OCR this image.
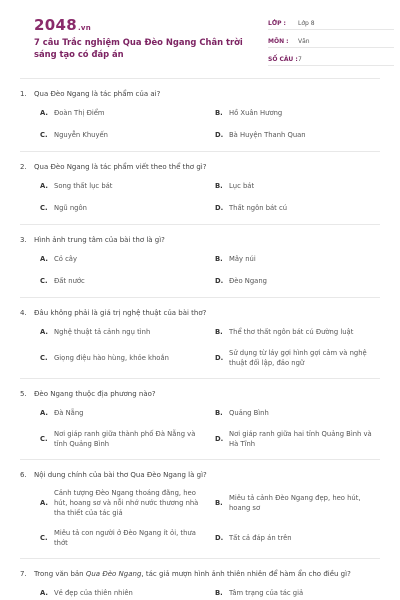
2048.vn
7 câu Trắc nghiệm Qua Đèo Ngang Chân trời sáng tạo có đáp án
LỚP :	Lớp 8
MÔN :	Văn
SỐ CÂU : 7
1.	Qua Đèo Ngang là tác phẩm của ai?
A. Đoàn Thị Điểm	B. Hồ Xuân Hương
C. Nguyễn Khuyến	D. Bà Huyện Thanh Quan
2.	Qua Đèo Ngang là tác phẩm viết theo thể thơ gì?
A. Song thất lục bát	B. Lục bát
C. Ngũ ngôn	D. Thất ngôn bát cú
3.	Hình ảnh trung tâm của bài thơ là gì?
A. Cỏ cây	B. Mây núi
C. Đất nước	D. Đèo Ngang
4.	Đâu không phải là giá trị nghệ thuật của bài thơ?
A. Nghệ thuật tả cảnh ngụ tình	B. Thể thơ thất ngôn bát cú Đường luật
C. Giọng điệu hào hùng, khỏe khoắn	D.
Sử dụng từ láy gợi hình gợi cảm và nghệ thuật đối lập, đảo ngữ
5.	Đèo Ngang thuộc địa phương nào?
A. Đà Nẵng	B. Quảng Bình
C.
Nơi giáp ranh giữa thành phố Đà Nẵng và tỉnh Quảng Bình
D.
Nơi giáp ranh giữa hai tỉnh Quảng Bình và Hà Tĩnh
6.	Nội dung chính của bài thơ Qua Đèo Ngang là gì?
A.
Cảnh tượng Đèo Ngang thoáng đãng, heo hút, hoang sơ và nỗi nhớ nước thương nhà tha thiết của tác giả
B.
Miêu tả cảnh Đèo Ngang đẹp, heo hút, hoang sơ
C.
Miêu tả con người ở Đèo Ngang ít ỏi, thưa thớt
D. Tất cả đáp án trên
7.	Trong văn bản Qua Đèo Ngang, tác giả mượn hình ảnh thiên nhiên để hàm ẩn cho điều gì?
A. Vẻ đẹp của thiên nhiên	B. Tâm trạng của tác giả
